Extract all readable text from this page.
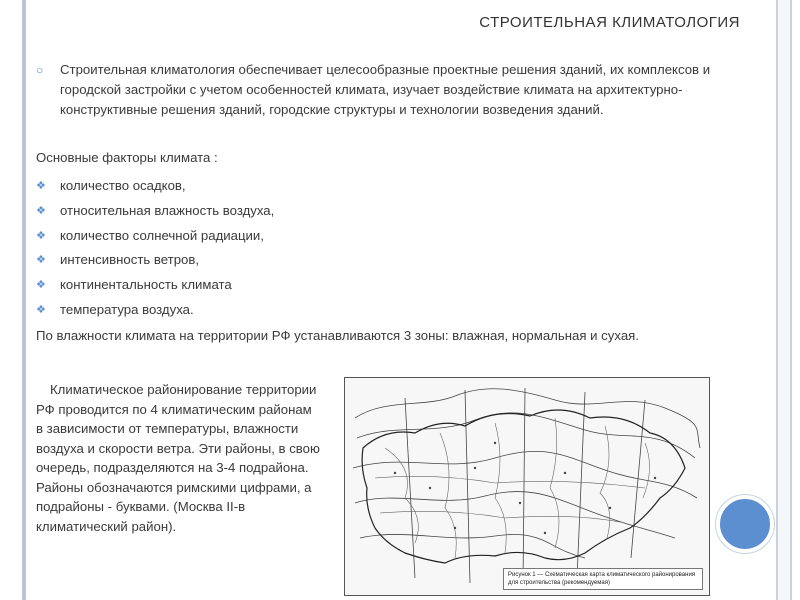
СТРОИТЕЛЬНАЯ КЛИМАТОЛОГИЯ
○	Строительная климатология обеспечивает целесообразные проектные решения зданий, их комплексов и городской застройки с учетом особенностей климата, изучает воздействие климата на архитектурно-конструктивные решения зданий, городские структуры и технологии возведения зданий.
Основные факторы климата :
❖ количество осадков,
❖ относительная влажность воздуха,
❖ количество солнечной радиации,
❖ интенсивность ветров,
❖ континентальность климата
❖ температура воздуха.
По влажности климата на территории РФ устанавливаются 3 зоны: влажная, нормальная и сухая.
Климатическое районирование территории РФ проводится по 4 климатическим районам в зависимости от температуры, влажности воздуха и скорости ветра. Эти районы, в свою очередь, подразделяются на 3-4 подрайона. Районы обозначаются римскими цифрами, а подрайоны - буквами. (Москва II-в климатический район).
Рисунок 1 — Схематическая карта климатического районирования для строительства (рекомендуемая)
